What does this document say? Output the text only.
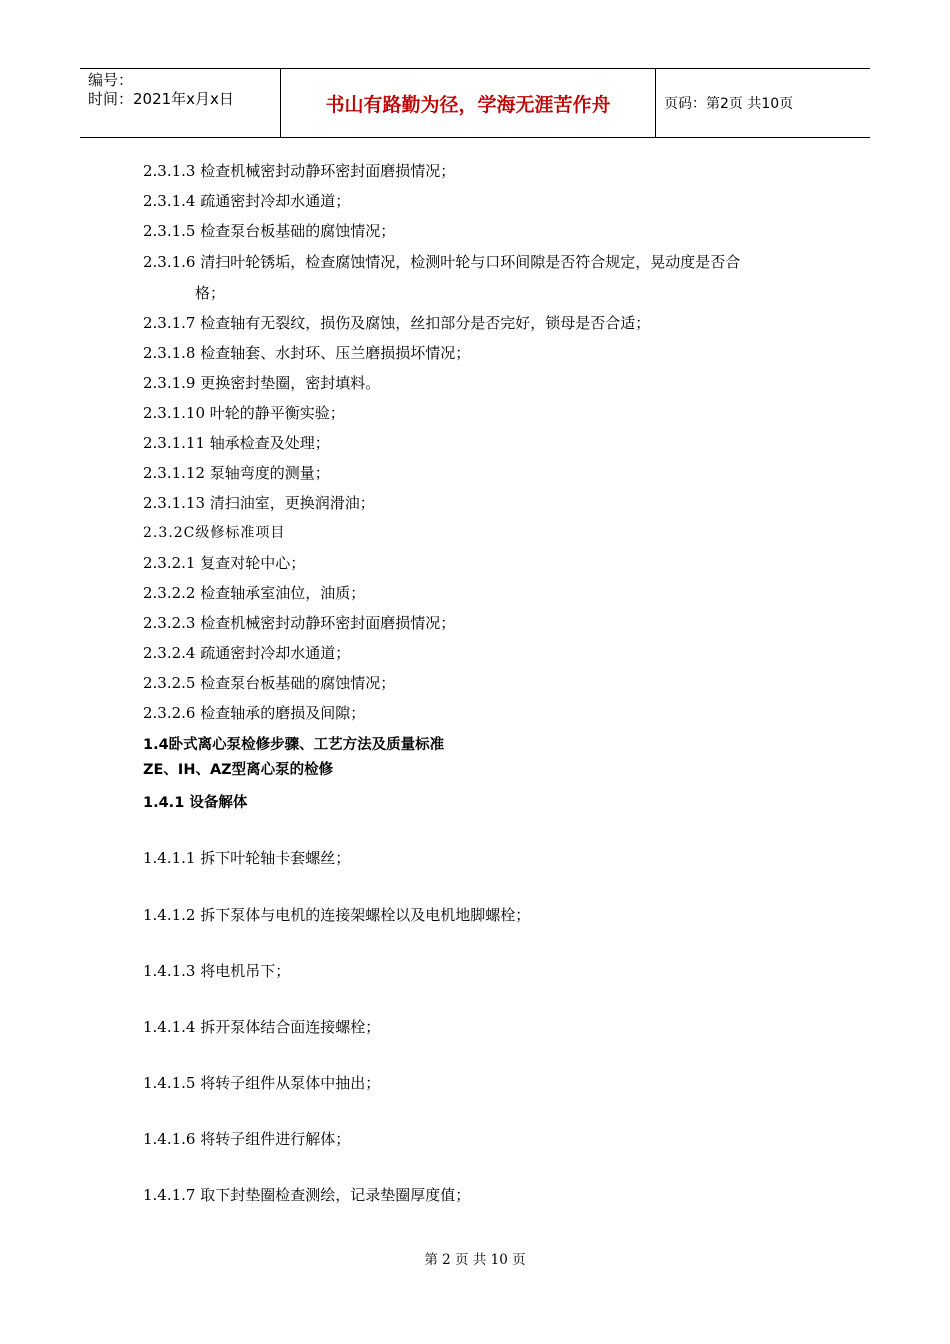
编号：
时间：2021年x月x日	书山有路勤为径，学海无涯苦作舟	页码：第2页 共10页
2.3.1.3 检查机械密封动静环密封面磨损情况；
2.3.1.4 疏通密封冷却水通道；
2.3.1.5 检查泵台板基础的腐蚀情况；
2.3.1.6 清扫叶轮锈垢，检查腐蚀情况，检测叶轮与口环间隙是否符合规定，晃动度是否合
格；
2.3.1.7 检查轴有无裂纹，损伤及腐蚀，丝扣部分是否完好，锁母是否合适；
2.3.1.8 检查轴套、水封环、压兰磨损损坏情况；
2.3.1.9 更换密封垫圈，密封填料。
2.3.1.10 叶轮的静平衡实验；
2.3.1.11 轴承检查及处理；
2.3.1.12 泵轴弯度的测量；
2.3.1.13 清扫油室，更换润滑油；
2.3.2C级修标准项目
2.3.2.1 复查对轮中心；
2.3.2.2 检查轴承室油位，油质；
2.3.2.3 检查机械密封动静环密封面磨损情况；
2.3.2.4 疏通密封冷却水通道；
2.3.2.5 检查泵台板基础的腐蚀情况；
2.3.2.6 检查轴承的磨损及间隙；
1.4卧式离心泵检修步骤、工艺方法及质量标准
ZE、IH、AZ型离心泵的检修
1.4.1 设备解体
1.4.1.1 拆下叶轮轴卡套螺丝；
1.4.1.2 拆下泵体与电机的连接架螺栓以及电机地脚螺栓；
1.4.1.3 将电机吊下；
1.4.1.4 拆开泵体结合面连接螺栓；
1.4.1.5 将转子组件从泵体中抽出；
1.4.1.6 将转子组件进行解体；
1.4.1.7 取下封垫圈检查测绘，记录垫圈厚度值；
第 2 页 共 10 页
